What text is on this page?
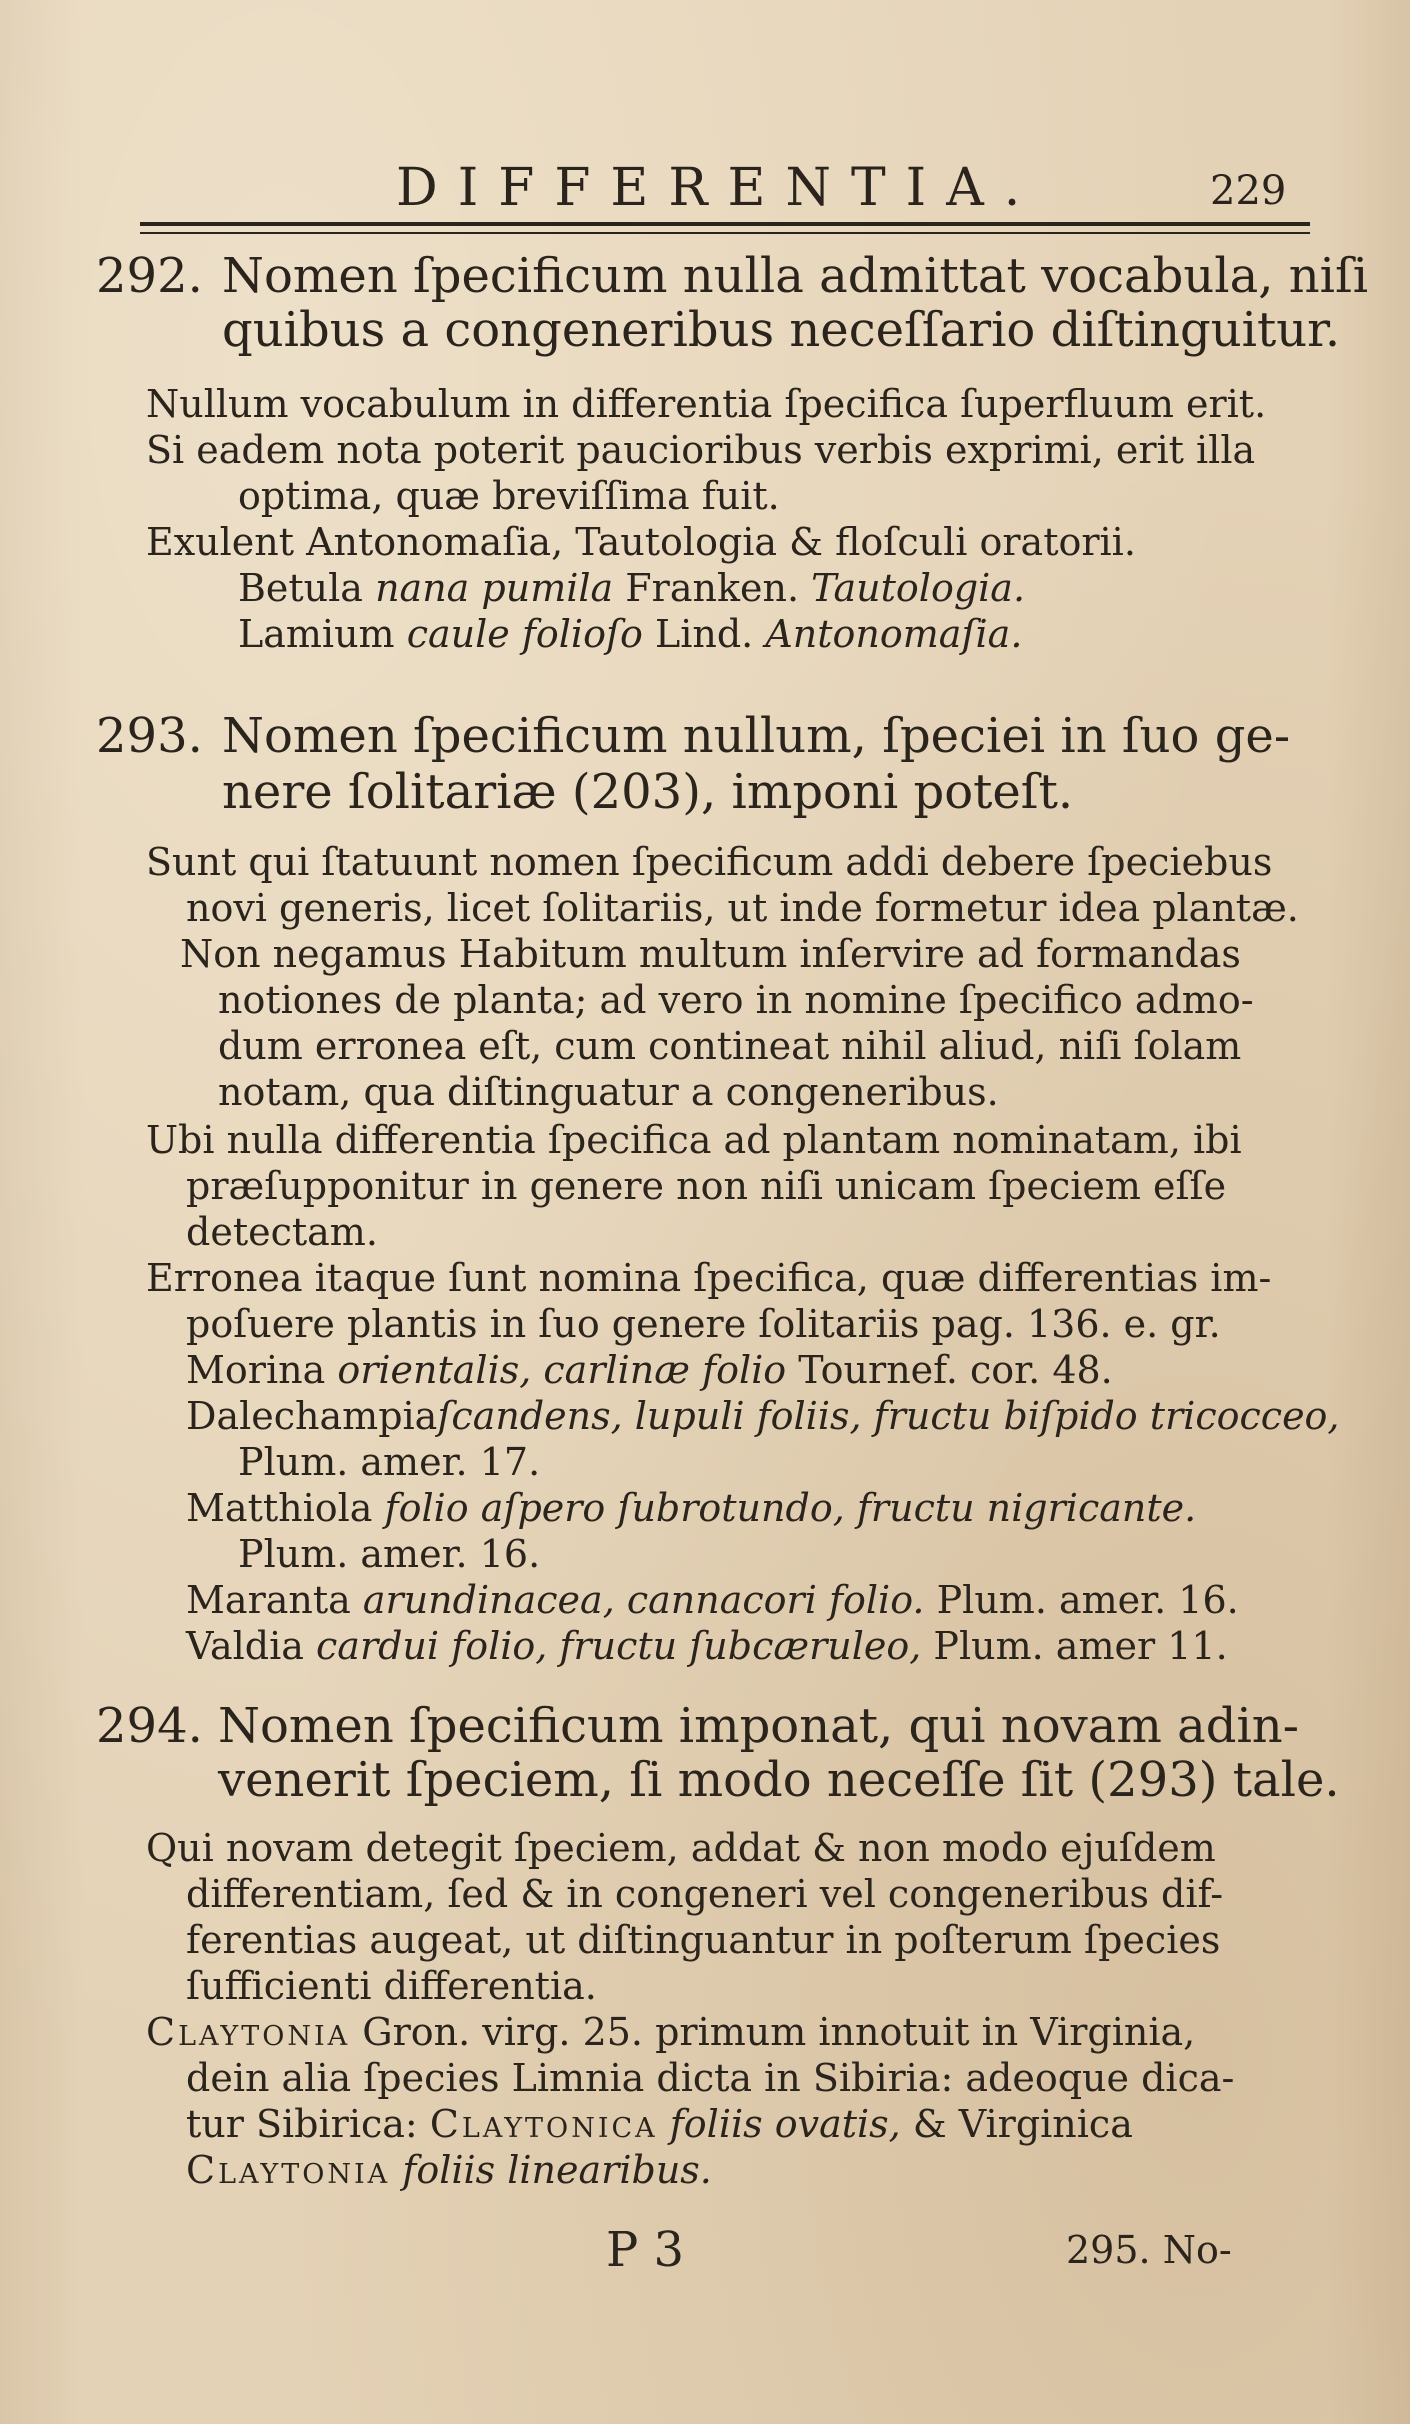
DIFFERENTIA.	229
292. Nomen ſpecificum nulla admittat vocabula, niſi
quibus a congeneribus neceſſario diſtinguitur.
Nullum vocabulum in differentia ſpecifica ſuperfluum erit.
Si eadem nota poterit paucioribus verbis exprimi, erit illa
optima, quæ breviſſima fuit.
Exulent Antonomaſia, Tautologia & floſculi oratorii.
Betula nana pumila Franken. Tautologia.
Lamium caule folioſo Lind. Antonomaſia.
293. Nomen ſpecificum nullum, ſpeciei in ſuo ge-
nere ſolitariæ (203), imponi poteſt.
Sunt qui ſtatuunt nomen ſpecificum addi debere ſpeciebus
novi generis, licet ſolitariis, ut inde formetur idea plantæ.
Non negamus Habitum multum inſervire ad formandas
notiones de planta; ad vero in nomine ſpecifico admo-
dum erronea eſt, cum contineat nihil aliud, niſi ſolam
notam, qua diſtinguatur a congeneribus.
Ubi nulla differentia ſpecifica ad plantam nominatam, ibi
præſupponitur in genere non niſi unicam ſpeciem eſſe
detectam.
Erronea itaque ſunt nomina ſpecifica, quæ differentias im-
poſuere plantis in ſuo genere ſolitariis pag. 136. e. gr.
Morina orientalis, carlinæ folio Tournef. cor. 48.
Dalechampiaſcandens, lupuli foliis, fructu biſpido tricocceo,
Plum. amer. 17.
Matthiola folio aſpero ſubrotundo, fructu nigricante.
Plum. amer. 16.
Maranta arundinacea, cannacori folio. Plum. amer. 16.
Valdia cardui folio, fructu ſubcæruleo, Plum. amer 11.
294. Nomen ſpecificum imponat, qui novam adin-
venerit ſpeciem, ſi modo neceſſe ſit (293) tale.
Qui novam detegit ſpeciem, addat & non modo ejuſdem
differentiam, ſed & in congeneri vel congeneribus dif-
ferentias augeat, ut diſtinguantur in poſterum ſpecies
ſufficienti differentia.
Claytonia Gron. virg. 25. primum innotuit in Virginia,
dein alia ſpecies Limnia dicta in Sibiria: adeoque dica-
tur Sibirica: Claytonica foliis ovatis, & Virginica
Claytonia foliis linearibus.
P 3	295. No-
